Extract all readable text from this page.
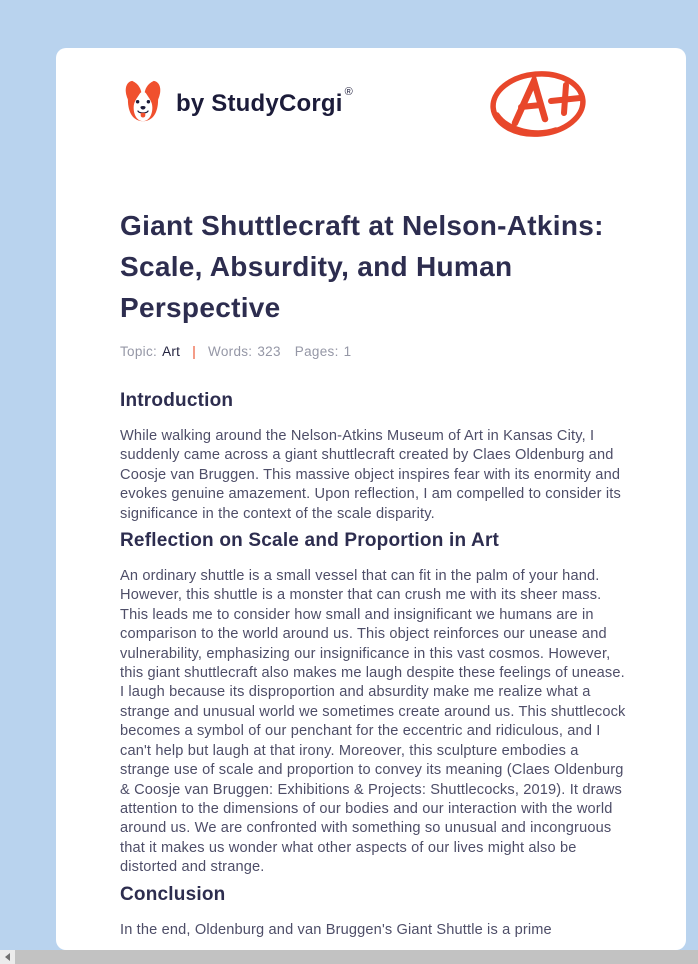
by StudyCorgi ®
Giant Shuttlecraft at Nelson-Atkins: Scale, Absurdity, and Human Perspective
Topic: Art | Words: 323 Pages: 1
Introduction

While walking around the Nelson-Atkins Museum of Art in Kansas City, I suddenly came across a giant shuttlecraft created by Claes Oldenburg and Coosje van Bruggen. This massive object inspires fear with its enormity and evokes genuine amazement. Upon reflection, I am compelled to consider its significance in the context of the scale disparity.

Reflection on Scale and Proportion in Art

An ordinary shuttle is a small vessel that can fit in the palm of your hand. However, this shuttle is a monster that can crush me with its sheer mass. This leads me to consider how small and insignificant we humans are in comparison to the world around us. This object reinforces our unease and vulnerability, emphasizing our insignificance in this vast cosmos. However, this giant shuttlecraft also makes me laugh despite these feelings of unease. I laugh because its disproportion and absurdity make me realize what a strange and unusual world we sometimes create around us. This shuttlecock becomes a symbol of our penchant for the eccentric and ridiculous, and I can't help but laugh at that irony. Moreover, this sculpture embodies a strange use of scale and proportion to convey its meaning (Claes Oldenburg & Coosje van Bruggen: Exhibitions & Projects: Shuttlecocks, 2019). It draws attention to the dimensions of our bodies and our interaction with the world around us. We are confronted with something so unusual and incongruous that it makes us wonder what other aspects of our lives might also be distorted and strange.

Conclusion

In the end, Oldenburg and van Bruggen's Giant Shuttle is a prime
